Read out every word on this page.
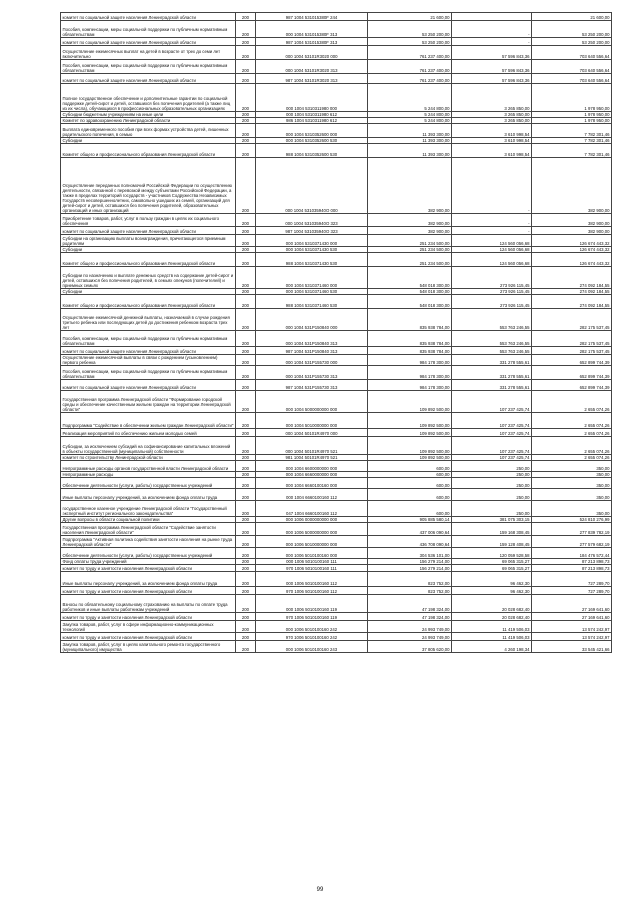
комитет по социальной защите населения Ленинградской области	200	987 1004 531015380F 244	21 600,00		21 600,00
Пособия, компенсации, меры социальной поддержки по публичным нормативным обязательствам	200	000 1004 531015380F 313	53 250 200,00	-	53 250 200,00
комитет по социальной защите населения Ленинградской области	200	987 1004 531015380F 313	53 250 200,00	-	53 250 200,00
Осуществление ежемесячных выплат на детей в возрасте от трех до семи лет включительно	200	000 1004 53101R3020 000	761 237 400,00	57 596 843,36	703 640 556,64
Пособия, компенсации, меры социальной поддержки по публичным нормативным обязательствам	200	000 1004 53101R3020 313	761 237 400,00	57 596 843,36	703 640 556,64
комитет по социальной защите населения Ленинградской области	200	987 1004 53101R3020 313	761 237 400,00	57 596 843,36	703 640 556,64
Полное государственное обеспечение и дополнительные гарантии по социальной поддержке детей-сирот и детей, оставшихся без попечения родителей (а также лиц из их числа), обучающихся в профессиональных образовательных организациях	200	000 1004 5310311980 000	5 244 800,00	3 265 850,00	1 978 950,00
Субсидии бюджетным учреждениям на иные цели	200	000 1004 5310311980 612	5 244 800,00	3 265 850,00	1 978 950,00
Комитет по здравоохранению Ленинградской области	200	986 1004 5310311980 612	5 244 800,00	3 265 850,00	1 978 950,00
Выплата единовременного пособия при всех формах устройства детей, лишенных родительского попечения, в семью	200	000 1004 5310352600 000	11 393 300,00	3 610 998,54	7 782 301,46
Субсидии	200	000 1004 5310352600 530	11 393 300,00	3 610 998,54	7 782 301,46
Комитет общего и профессионального образования Ленинградской области	200	988 1004 5310352600 530	11 393 300,00	3 610 998,54	7 782 301,46
Осуществление переданных полномочий Российской Федерации по осуществлению деятельности, связанной с перевозкой между субъектами Российской Федерации, а также в пределах территорий государств - участников Содружества Независимых Государств несовершеннолетних, самовольно ушедших из семей, организаций для детей-сирот и детей, оставшихся без попечения родителей, образовательных организаций и иных организаций	200	000 1004 531035940O 000	382 900,00	-	382 900,00
Приобретение товаров, работ, услуг в пользу граждан в целях их социального обеспечения	200	000 1004 531035940O 323	382 900,00	-	382 900,00
комитет по социальной защите населения Ленинградской области	200	987 1004 531035940O 323	382 900,00	-	382 900,00
Субсидии на организацию выплаты вознаграждения, причитающегося приемным родителям	200	000 1004 5310371430 000	251 234 500,00	124 560 056,68	126 674 443,32
Субсидии	200	000 1004 5310371430 530	251 234 500,00	124 560 056,68	126 674 443,32
Комитет общего и профессионального образования Ленинградской области	200	988 1004 5310371430 530	251 234 500,00	124 560 056,68	126 674 443,32
Субсидии по назначению и выплате денежных средств на содержание детей-сирот и детей, оставшихся без попечения родителей, в семьях опекунов (попечителей) и приемных семьях	200	000 1004 5310371460 000	548 018 300,00	273 926 115,45	274 092 184,55
Субсидии	200	000 1004 5310371460 530	548 018 300,00	273 926 115,45	274 092 184,55
Комитет общего и профессионального образования Ленинградской области	200	988 1004 5310371460 530	548 018 300,00	273 926 115,45	274 092 184,55
Осуществление ежемесячной денежной выплаты, назначаемой в случае рождения третьего ребенка или последующих детей до достижения ребенком возраста трех лет	200	000 1004 531P150840 000	835 938 784,00	553 763 246,55	282 175 537,45
Пособия, компенсации, меры социальной поддержки по публичным нормативным обязательствам	200	000 1004 531P150840 313	835 938 784,00	553 763 246,55	282 175 537,45
комитет по социальной защите населения Ленинградской области	200	987 1004 531P150840 313	835 938 784,00	553 763 246,55	282 175 537,45
Осуществление ежемесячной выплаты в связи с рождением (усыновлением) первого ребенка	200	000 1004 531P155730 000	984 178 300,00	331 278 555,61	652 899 744,39
Пособия, компенсации, меры социальной поддержки по публичным нормативным обязательствам	200	000 1004 531P155730 313	984 178 300,00	331 278 555,61	652 899 744,39
комитет по социальной защите населения Ленинградской области	200	987 1004 531P155730 313	984 178 300,00	331 278 555,61	652 899 744,39
Государственная программа Ленинградской области "Формирование городской среды и обеспечение качественным жильем граждан на территории Ленинградской области"	200	000 1004 5000000000 000	109 892 500,00	107 237 425,74	2 655 074,26
Подпрограмма "Содействие в обеспечении жильем граждан Ленинградской области"	200	000 1004 5010000000 000	109 892 500,00	107 237 425,74	2 655 074,26
Реализация мероприятий по обеспечению жильем молодых семей	200	000 1004 50101R4970 000	109 892 500,00	107 237 425,74	2 655 074,26
Субсидии, за исключением субсидий на софинансирование капитальных вложений в объекты государственной (муниципальной) собственности	200	000 1004 50101R4970 521	109 892 500,00	107 237 425,74	2 655 074,26
комитет по строительству Ленинградской области	200	981 1004 50101R4970 521	109 892 500,00	107 237 425,74	2 655 074,26
Непрограммные расходы органов государственной власти Ленинградской области	200	000 1004 6600000000 000	600,00	250,00	350,00
Непрограммные расходы	200	000 1004 6660000000 000	600,00	250,00	350,00
Обеспечение деятельности (услуги, работы) государственных учреждений	200	000 1004 6660100160 000	600,00	250,00	350,00
Иные выплаты персоналу учреждений, за исключением фонда оплаты труда	200	000 1004 6660100160 112	600,00	250,00	350,00
государственное казенное учреждение Ленинградской области "Государственный экспертный институт регионального законодательства"	200	047 1004 6660100160 112	600,00	250,00	350,00
Другие вопросы в области социальной политики	200	000 1006 0000000000 000	905 885 580,14	381 075 303,15	524 810 276,99
Государственная программа Ленинградской области "Содействие занятости населения Ленинградской области"	200	000 1006 5000000000 000	437 006 090,64	159 168 308,45	277 839 782,19
Подпрограмма "Активная политика содействия занятости населения на рынке труда Ленинградской области"	200	000 1006 5010000000 000	436 708 090,64	159 128 408,45	277 579 682,19
Обеспечение деятельности (услуги, работы) государственных учреждений	200	000 1006 5010100160 000	304 536 101,00	120 059 528,58	184 476 572,44
Фонд оплаты труда учреждений	200	000 1006 5010100160 111	156 279 214,00	69 065 315,27	87 213 898,73
комитет по труду и занятости населения Ленинградской области	200	970 1006 5010100160 111	156 279 214,00	69 065 315,27	87 213 898,73
Иные выплаты персоналу учреждений, за исключением фонда оплаты труда	200	000 1006 5010100160 112	823 752,00	96 462,30	727 289,70
комитет по труду и занятости населения Ленинградской области	200	970 1006 5010100160 112	823 752,00	96 462,30	727 289,70
Взносы по обязательному социальному страхованию на выплаты по оплате труда работников и иные выплаты работникам учреждений	200	000 1006 5010100160 119	47 198 324,00	20 028 682,40	27 169 641,60
комитет по труду и занятости населения Ленинградской области	200	970 1006 5010100160 119	47 198 324,00	20 028 682,40	27 169 641,60
Закупка товаров, работ, услуг в сфере информационно-коммуникационных технологий	200	000 1006 5010100160 242	24 993 749,00	11 419 506,03	13 574 242,97
комитет по труду и занятости населения Ленинградской области	200	970 1006 5010100160 242	24 993 749,00	11 419 506,03	13 574 242,97
Закупка товаров, работ, услуг в целях капитального ремонта государственного (муниципального) имущества	200	000 1006 5010100160 243	37 805 620,00	4 260 198,34	33 545 421,66
99
